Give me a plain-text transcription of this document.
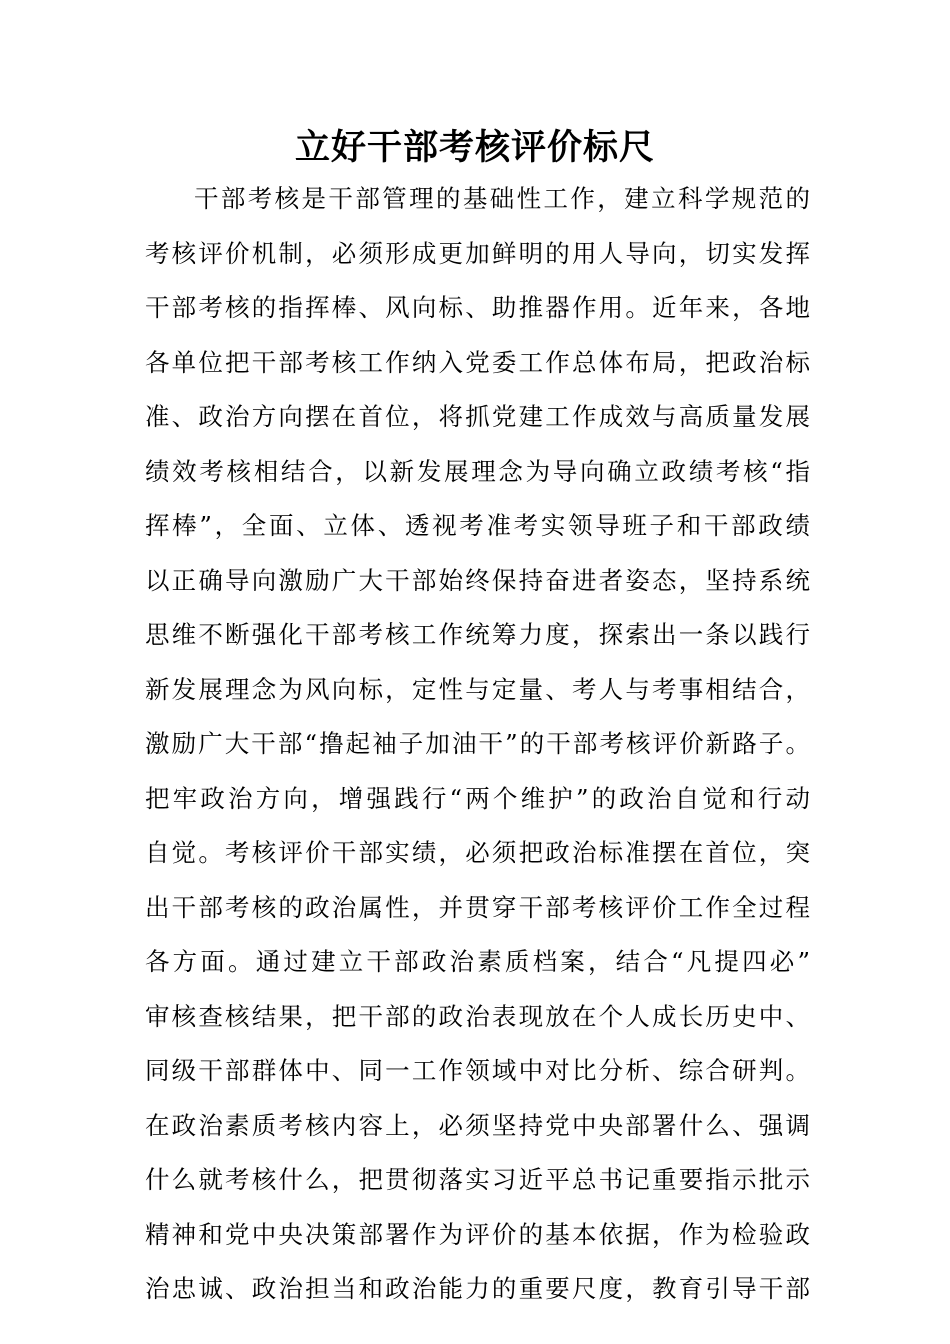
立好干部考核评价标尺
干部考核是干部管理的基础性工作，建立科学规范的
考核评价机制，必须形成更加鲜明的用人导向，切实发挥
干部考核的指挥棒、风向标、助推器作用。近年来，各地
各单位把干部考核工作纳入党委工作总体布局，把政治标
准、政治方向摆在首位，将抓党建工作成效与高质量发展
绩效考核相结合，以新发展理念为导向确立政绩考核“指
挥棒”，全面、立体、透视考准考实领导班子和干部政绩
以正确导向激励广大干部始终保持奋进者姿态，坚持系统
思维不断强化干部考核工作统筹力度，探索出一条以践行
新发展理念为风向标，定性与定量、考人与考事相结合，
激励广大干部“撸起袖子加油干”的干部考核评价新路子。
把牢政治方向，增强践行“两个维护”的政治自觉和行动
自觉。考核评价干部实绩，必须把政治标准摆在首位，突
出干部考核的政治属性，并贯穿干部考核评价工作全过程
各方面。通过建立干部政治素质档案，结合“凡提四必”
审核查核结果，把干部的政治表现放在个人成长历史中、
同级干部群体中、同一工作领域中对比分析、综合研判。
在政治素质考核内容上，必须坚持党中央部署什么、强调
什么就考核什么，把贯彻落实习近平总书记重要指示批示
精神和党中央决策部署作为评价的基本依据，作为检验政
治忠诚、政治担当和政治能力的重要尺度，教育引导干部
